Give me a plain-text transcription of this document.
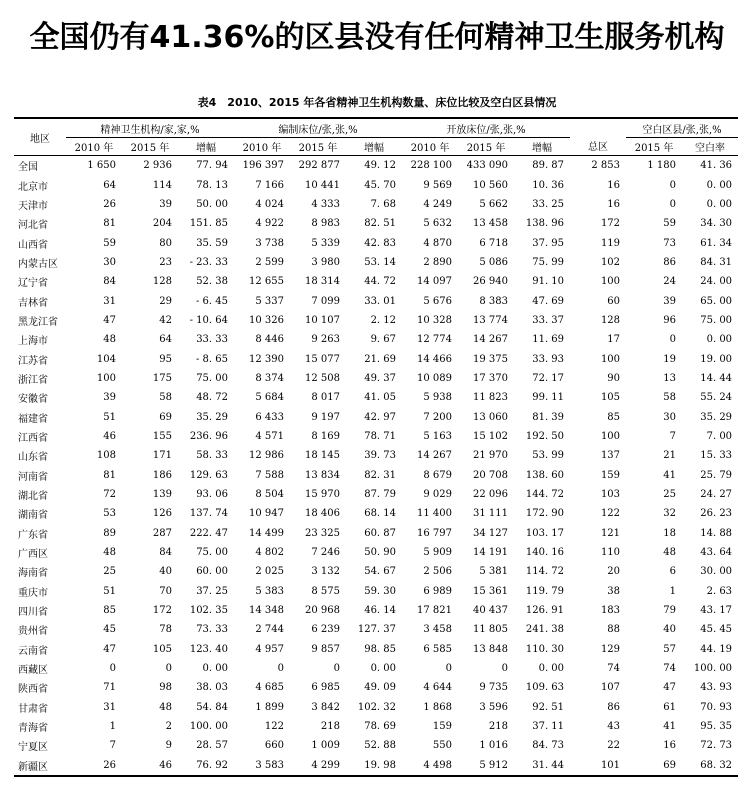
全国仍有41.36%的区县没有任何精神卫生服务机构
表4　2010、2015 年各省精神卫生机构数量、床位比较及空白区县情况
地区	精神卫生机构/家,家,%			编制床位/张,张,%			开放床位/张,张,%			总区	空白区县/张,张,%	
	2010 年	2015 年	增幅	2010 年	2015 年	增幅	2010 年	2015 年	增幅		2015 年	空白率
全国	1 650	2 936	77. 94	196 397	292 877	49. 12	228 100	433 090	89. 87	2 853	1 180	41. 36
北京市	64	114	78. 13	7 166	10 441	45. 70	9 569	10 560	10. 36	16	0	0. 00
天津市	26	39	50. 00	4 024	4 333	7. 68	4 249	5 662	33. 25	16	0	0. 00
河北省	81	204	151. 85	4 922	8 983	82. 51	5 632	13 458	138. 96	172	59	34. 30
山西省	59	80	35. 59	3 738	5 339	42. 83	4 870	6 718	37. 95	119	73	61. 34
内蒙古区	30	23	- 23. 33	2 599	3 980	53. 14	2 890	5 086	75. 99	102	86	84. 31
辽宁省	84	128	52. 38	12 655	18 314	44. 72	14 097	26 940	91. 10	100	24	24. 00
吉林省	31	29	- 6. 45	5 337	7 099	33. 01	5 676	8 383	47. 69	60	39	65. 00
黑龙江省	47	42	- 10. 64	10 326	10 107	2. 12	10 328	13 774	33. 37	128	96	75. 00
上海市	48	64	33. 33	8 446	9 263	9. 67	12 774	14 267	11. 69	17	0	0. 00
江苏省	104	95	- 8. 65	12 390	15 077	21. 69	14 466	19 375	33. 93	100	19	19. 00
浙江省	100	175	75. 00	8 374	12 508	49. 37	10 089	17 370	72. 17	90	13	14. 44
安徽省	39	58	48. 72	5 684	8 017	41. 05	5 938	11 823	99. 11	105	58	55. 24
福建省	51	69	35. 29	6 433	9 197	42. 97	7 200	13 060	81. 39	85	30	35. 29
江西省	46	155	236. 96	4 571	8 169	78. 71	5 163	15 102	192. 50	100	7	7. 00
山东省	108	171	58. 33	12 986	18 145	39. 73	14 267	21 970	53. 99	137	21	15. 33
河南省	81	186	129. 63	7 588	13 834	82. 31	8 679	20 708	138. 60	159	41	25. 79
湖北省	72	139	93. 06	8 504	15 970	87. 79	9 029	22 096	144. 72	103	25	24. 27
湖南省	53	126	137. 74	10 947	18 406	68. 14	11 400	31 111	172. 90	122	32	26. 23
广东省	89	287	222. 47	14 499	23 325	60. 87	16 797	34 127	103. 17	121	18	14. 88
广西区	48	84	75. 00	4 802	7 246	50. 90	5 909	14 191	140. 16	110	48	43. 64
海南省	25	40	60. 00	2 025	3 132	54. 67	2 506	5 381	114. 72	20	6	30. 00
重庆市	51	70	37. 25	5 383	8 575	59. 30	6 989	15 361	119. 79	38	1	2. 63
四川省	85	172	102. 35	14 348	20 968	46. 14	17 821	40 437	126. 91	183	79	43. 17
贵州省	45	78	73. 33	2 744	6 239	127. 37	3 458	11 805	241. 38	88	40	45. 45
云南省	47	105	123. 40	4 957	9 857	98. 85	6 585	13 848	110. 30	129	57	44. 19
西藏区	0	0	0. 00	0	0	0. 00	0	0	0. 00	74	74	100. 00
陕西省	71	98	38. 03	4 685	6 985	49. 09	4 644	9 735	109. 63	107	47	43. 93
甘肃省	31	48	54. 84	1 899	3 842	102. 32	1 868	3 596	92. 51	86	61	70. 93
青海省	1	2	100. 00	122	218	78. 69	159	218	37. 11	43	41	95. 35
宁夏区	7	9	28. 57	660	1 009	52. 88	550	1 016	84. 73	22	16	72. 73
新疆区	26	46	76. 92	3 583	4 299	19. 98	4 498	5 912	31. 44	101	69	68. 32
